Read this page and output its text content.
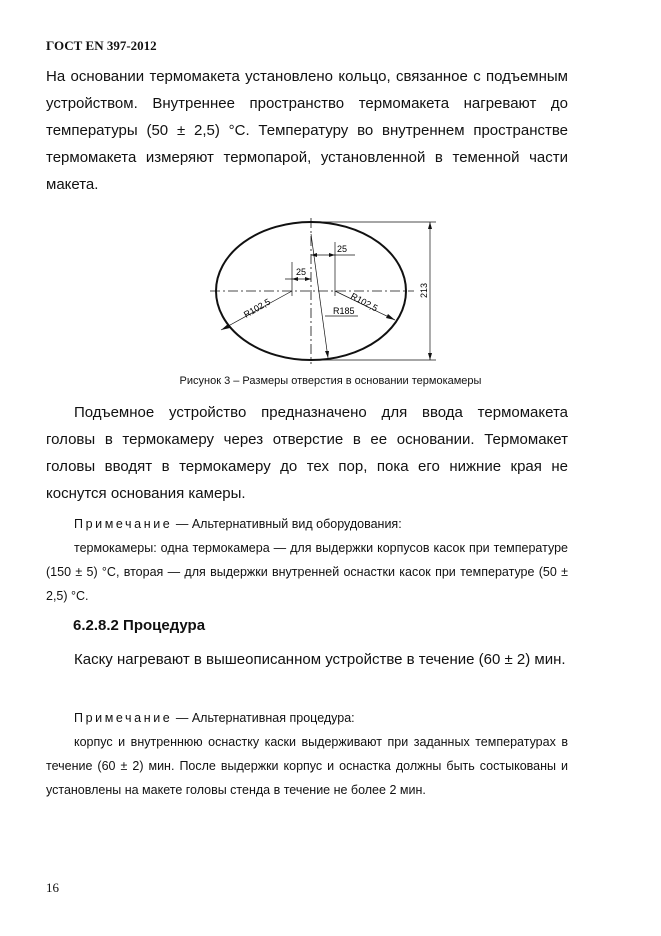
ГОСТ EN 397-2012

На основании термомакета установлено кольцо, связанное с подъемным устройством. Внутреннее пространство термомакета нагревают до температуры (50 ± 2,5) °С. Температуру во внутреннем пространстве термомакета измеряют термопарой, установленной в теменной части макета.

25
25
R102,5	R102,5
R185
213
Рисунок 3 – Размеры отверстия в основании термокамеры

Подъемное устройство предназначено для ввода термомакета головы в термокамеру через отверстие в ее основании. Термомакет головы вводят в термокамеру до тех пор, пока его нижние края не коснутся основания камеры.

Примечание — Альтернативный вид оборудования:

термокамеры: одна термокамера — для выдержки корпусов касок при температуре (150 ± 5) °С, вторая — для выдержки внутренней оснастки касок при температуре (50 ± 2,5) °С.

6.2.8.2 Процедура

Каску нагревают в вышеописанном устройстве в течение (60 ± 2) мин.

Примечание — Альтернативная процедура:

корпус и внутреннюю оснастку каски выдерживают при заданных температурах в течение (60 ± 2) мин. После выдержки корпус и оснастка должны быть состыкованы и установлены на макете головы стенда в течение не более 2 мин.

16
